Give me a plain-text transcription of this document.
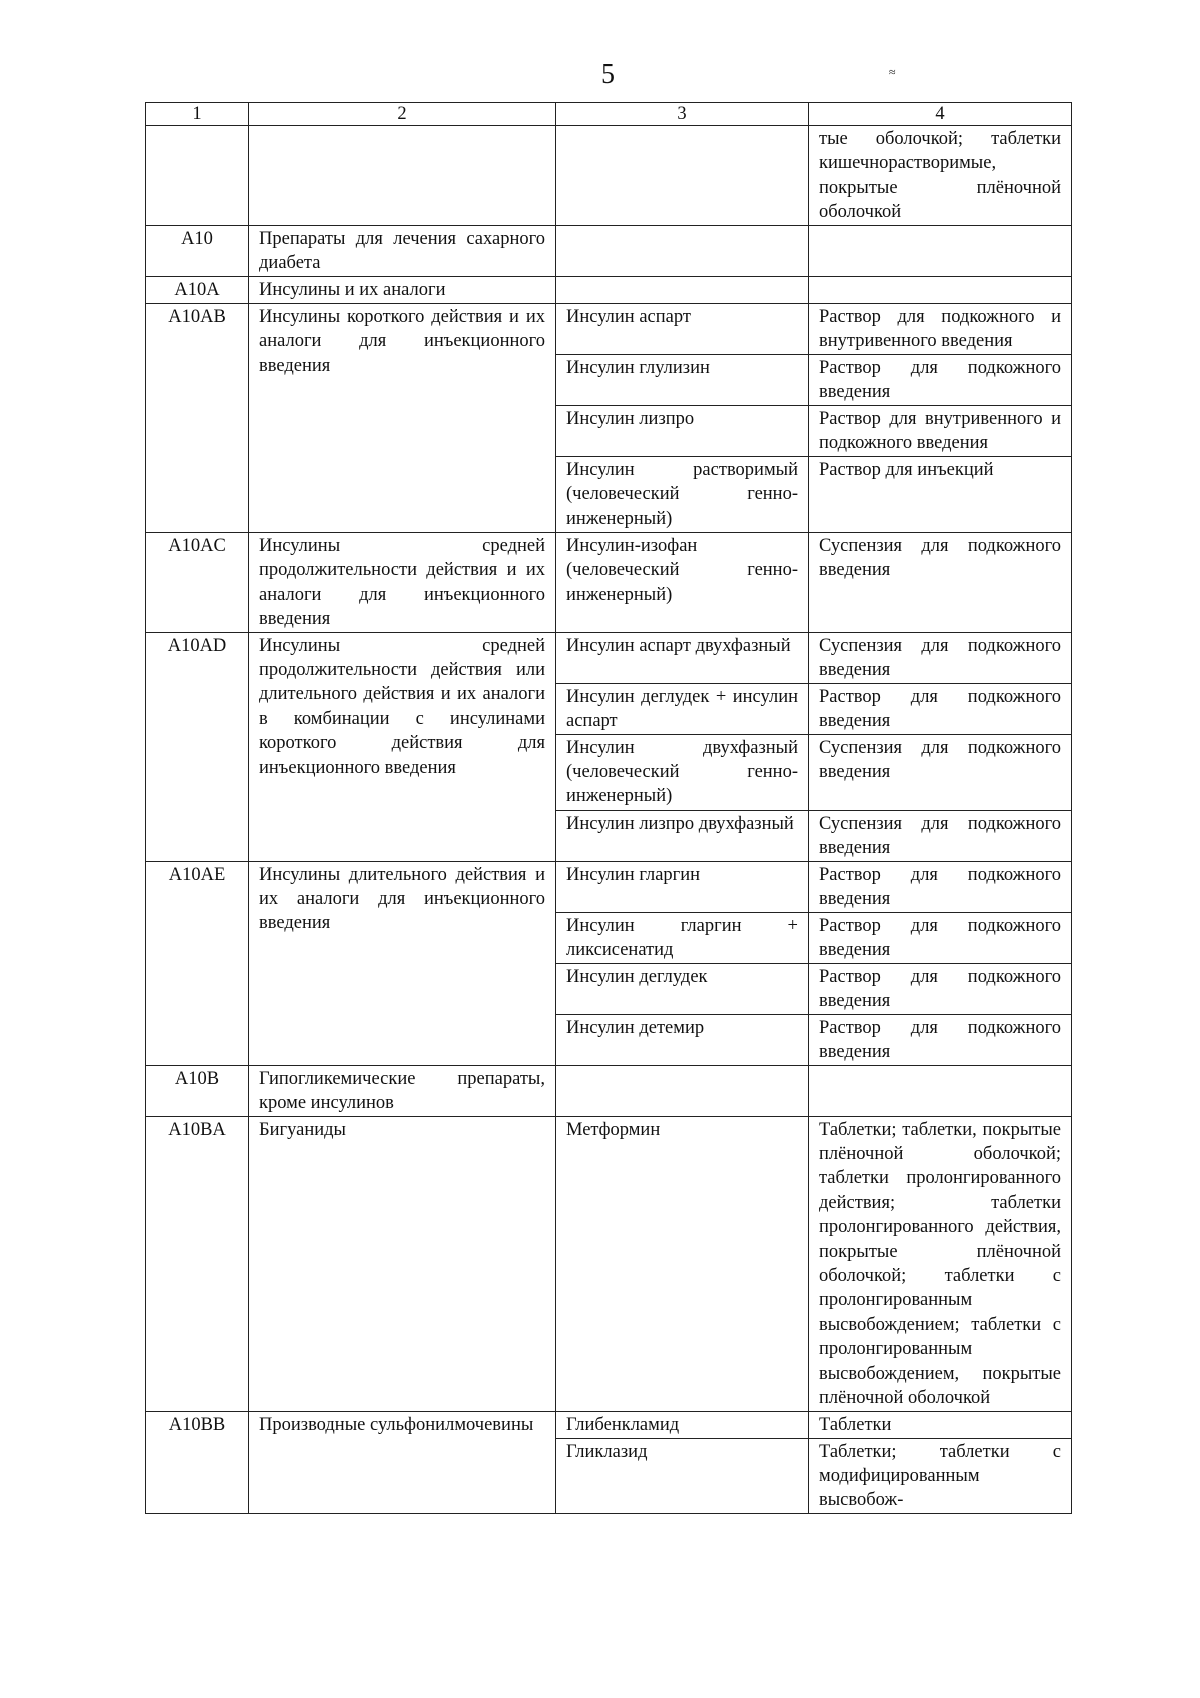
5	≈
1	2	3	4
			тые оболочкой; таблетки кишечнорастворимые, покрытые плёночной оболочкой
A10	Препараты для лечения сахарного диабета		
A10A	Инсулины и их аналоги		
A10AB	Инсулины короткого действия и их аналоги для инъекционного введения	Инсулин аспарт	Раствор для подкожного и внутривенного введения
		Инсулин глулизин	Раствор для подкожного введения
		Инсулин лизпро	Раствор для внутривенного и подкожного введения
		Инсулин растворимый (человеческий генно-инженерный)	Раствор для инъекций
A10AC	Инсулины средней продолжительности действия и их аналоги для инъекционного введения	Инсулин-изофан (человеческий генно-инженерный)	Суспензия для подкожного введения
A10AD	Инсулины средней продолжительности действия или длительного действия и их аналоги в комбинации с инсулинами короткого действия для инъекционного введения	Инсулин аспарт двухфазный	Суспензия для подкожного введения
		Инсулин деглудек + инсулин аспарт	Раствор для подкожного введения
		Инсулин двухфазный (человеческий генно-инженерный)	Суспензия для подкожного введения
		Инсулин лизпро двухфазный	Суспензия для подкожного введения
A10AE	Инсулины длительного действия и их аналоги для инъекционного введения	Инсулин гларгин	Раствор для подкожного введения
		Инсулин гларгин + ликсисенатид	Раствор для подкожного введения
		Инсулин деглудек	Раствор для подкожного введения
		Инсулин детемир	Раствор для подкожного введения
A10B	Гипогликемические препараты, кроме инсулинов		
A10BA	Бигуаниды	Метформин	Таблетки; таблетки, покрытые плёночной оболочкой; таблетки пролонгированного действия; таблетки пролонгированного действия, покрытые плёночной оболочкой; таблетки с пролонгированным высвобождением; таблетки с пролонгированным высвобождением, покрытые плёночной оболочкой
A10BB	Производные сульфонилмочевины	Глибенкламид	Таблетки
		Гликлазид	Таблетки; таблетки с модифицированным высвобож-
